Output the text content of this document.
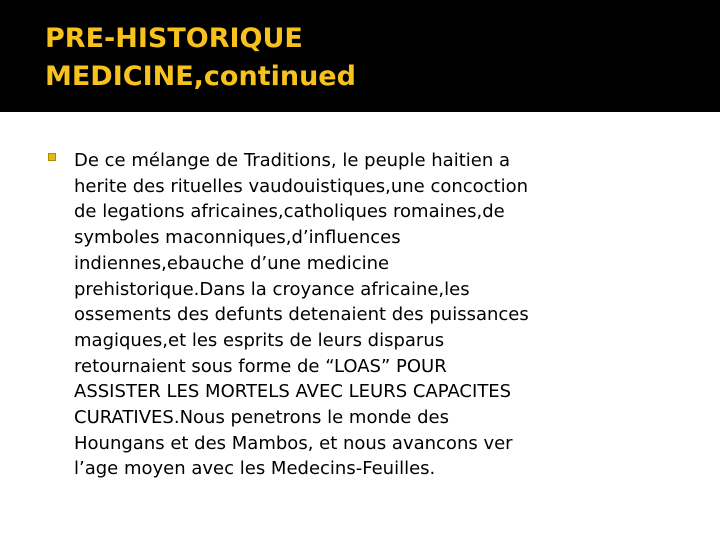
PRE-HISTORIQUE
MEDICINE,continued
De ce mélange de Traditions, le peuple haitien a
herite des rituelles vaudouistiques,une concoction
de legations africaines,catholiques romaines,de
symboles maconniques,d’influences
indiennes,ebauche d’une medicine
prehistorique.Dans la croyance africaine,les
ossements des defunts detenaient des puissances
magiques,et les esprits de leurs disparus
retournaient sous forme de “LOAS” POUR
ASSISTER LES MORTELS AVEC LEURS CAPACITES
CURATIVES.Nous penetrons le monde des
Houngans et des Mambos, et nous avancons ver
l’age moyen avec les Medecins-Feuilles.
